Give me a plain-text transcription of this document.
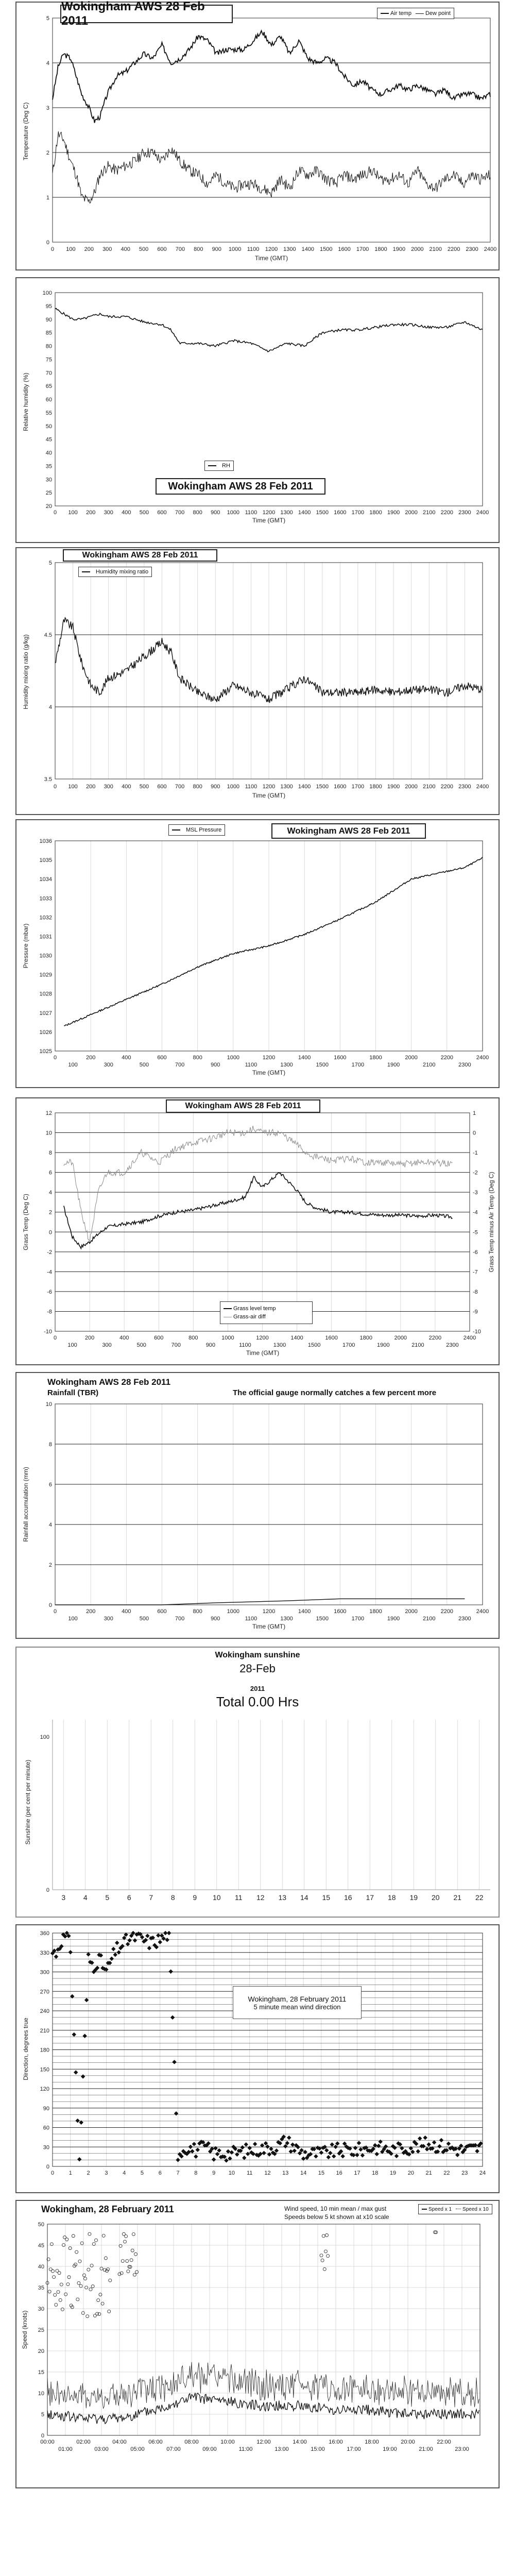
0
1
2
3
4
5
0 100 200 300 400 500 600 700 800 900 1000 1100 1200 1300 1400 1500 1600 1700 1800 1900 2000 2100 2200 2300 2400
Time (GMT)
Temperature (Deg C)
Wokingham AWS 28 Feb 2011
Air temp	Dew point
20
25
30
35
40
45
50
55
60
65
70
75
80
85
90
95
100
0 100 200 300 400 500 600 700 800 900 1000 1100 1200 1300 1400 1500 1600 1700 1800 1900 2000 2100 2200 2300 2400
Time (GMT)
Relative humidity (%)
RH
Wokingham AWS 28 Feb 2011
3.5
4
4.5
5
0 100 200 300 400 500 600 700 800 900 1000 1100 1200 1300 1400 1500 1600 1700 1800 1900 2000 2100 2200 2300 2400
Time (GMT)
Humidity mixing ratio (g/kg)
Wokingham AWS 28 Feb 2011
Humidity mixing ratio
1025
1026
1027
1028
1029
1030
1031
1032
1033
1034
1035
1036
0	200	400	600	800	1000	1200	1400	1600	1800	2000	2200	2400
100	300	500	700	900	1100	1300	1500	1700	1900	2100	2300
Time (GMT)
Pressure (mbar)
MSL Pressure	Wokingham AWS 28 Feb 2011
-10
-8
-6
-4
-2
0
2
4
6
8
10
12
0	200	400	600	800	1000	1200	1400	1600	1800	2000	2200	2400
100	300	500	700	900	1100	1300	1500	1700	1900	2100	2300
Time (GMT)
Grass Temp (Deg C)	Grass Temp minus Air Temp (Deg C)
-10
-9
-8
-7
-6
-5
-4
-3
-2
-1
0
1
Wokingham AWS 28 Feb 2011
Grass level temp
Grass-air diff
0
2
4
6
8
10
0	200	400	600	800	1000	1200	1400	1600	1800	2000	2200	2400
100	300	500	700	900	1100	1300	1500	1700	1900	2100	2300
Time (GMT)
Rainfall accumulation (mm)
Wokingham AWS 28 Feb 2011
Rainfall (TBR)	The official gauge normally catches a few percent more
0
100
3 4 5 6 7 8 9 10 11 12 13 14 15 16 17 18 19 20 21 22
Sunshine (per cent per minute)
Wokingham sunshine
28-Feb
2011
Total 0.00 Hrs
0
30
60
90
120
150
180
210
240
270
300
330
360
0	1	2	3	4	5	6	7	8	9 10 11 12 13 14 15 16 17 18 19 20 21 22 23 24
Direction, degrees true
Wokingham, 28 February 2011
5 minute mean wind direction
0
5
10
15
20
25
30
35
40
45
50
00:00	02:00	04:00	06:00	08:00	10:00	12:00	14:00	16:00	18:00	20:00	22:00
01:00	03:00	05:00	07:00	09:00	11:00	13:00	15:00	17:00	19:00	21:00	23:00
Speed (knots)
Wokingham, 28 February 2011	Wind speed, 10 min mean / max gust
Speeds below 5 kt shown at x10 scale
Speed x 1	Speed x 10
